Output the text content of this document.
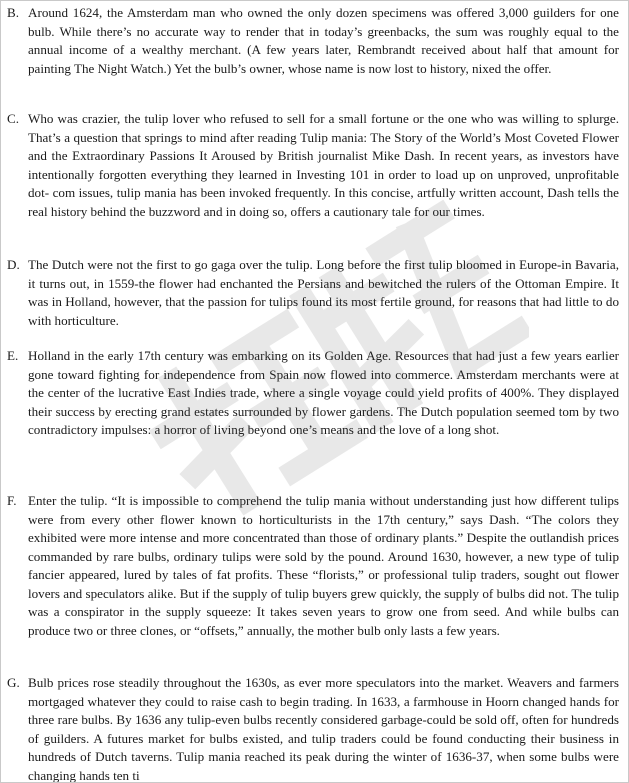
B. Around 1624, the Amsterdam man who owned the only dozen specimens was offered 3,000 guilders for one bulb. While there’s no accurate way to render that in today’s greenbacks, the sum was roughly equal to the annual income of a wealthy merchant. (A few years later, Rembrandt received about half that amount for painting The Night Watch.) Yet the bulb’s owner, whose name is now lost to history, nixed the offer.
C. Who was crazier, the tulip lover who refused to sell for a small fortune or the one who was willing to splurge. That’s a question that springs to mind after reading Tulip mania: The Story of the World’s Most Coveted Flower and the Extraordinary Passions It Aroused by British journalist Mike Dash. In recent years, as investors have intentionally forgotten everything they learned in Investing 101 in order to load up on unproved, unprofitable dot- com issues, tulip mania has been invoked frequently. In this concise, artfully written account, Dash tells the real history behind the buzzword and in doing so, offers a cautionary tale for our times.
D. The Dutch were not the first to go gaga over the tulip. Long before the first tulip bloomed in Europe-in Bavaria, it turns out, in 1559-the flower had enchanted the Persians and bewitched the rulers of the Ottoman Empire. It was in Holland, however, that the passion for tulips found its most fertile ground, for reasons that had little to do with horticulture.
E. Holland in the early 17th century was embarking on its Golden Age. Resources that had just a few years earlier gone toward fighting for independence from Spain now flowed into commerce. Amsterdam merchants were at the center of the lucrative East Indies trade, where a single voyage could yield profits of 400%. They displayed their success by erecting grand estates surrounded by flower gardens. The Dutch population seemed tom by two contradictory impulses: a horror of living beyond one’s means and the love of a long shot.
F. Enter the tulip. “It is impossible to comprehend the tulip mania without understanding just how different tulips were from every other flower known to horticulturists in the 17th century,” says Dash. “The colors they exhibited were more intense and more concentrated than those of ordinary plants.” Despite the outlandish prices commanded by rare bulbs, ordinary tulips were sold by the pound. Around 1630, however, a new type of tulip fancier appeared, lured by tales of fat profits. These “florists,” or professional tulip traders, sought out flower lovers and speculators alike. But if the supply of tulip buyers grew quickly, the supply of bulbs did not. The tulip was a conspirator in the supply squeeze: It takes seven years to grow one from seed. And while bulbs can produce two or three clones, or “offsets,” annually, the mother bulb only lasts a few years.
G. Bulb prices rose steadily throughout the 1630s, as ever more speculators into the market. Weavers and farmers mortgaged whatever they could to raise cash to begin trading. In 1633, a farmhouse in Hoorn changed hands for three rare bulbs. By 1636 any tulip-even bulbs recently considered garbage-could be sold off, often for hundreds of guilders. A futures market for bulbs existed, and tulip traders could be found conducting their business in hundreds of Dutch taverns. Tulip mania reached its peak during the winter of 1636-37, when some bulbs were changing hands ten ti
